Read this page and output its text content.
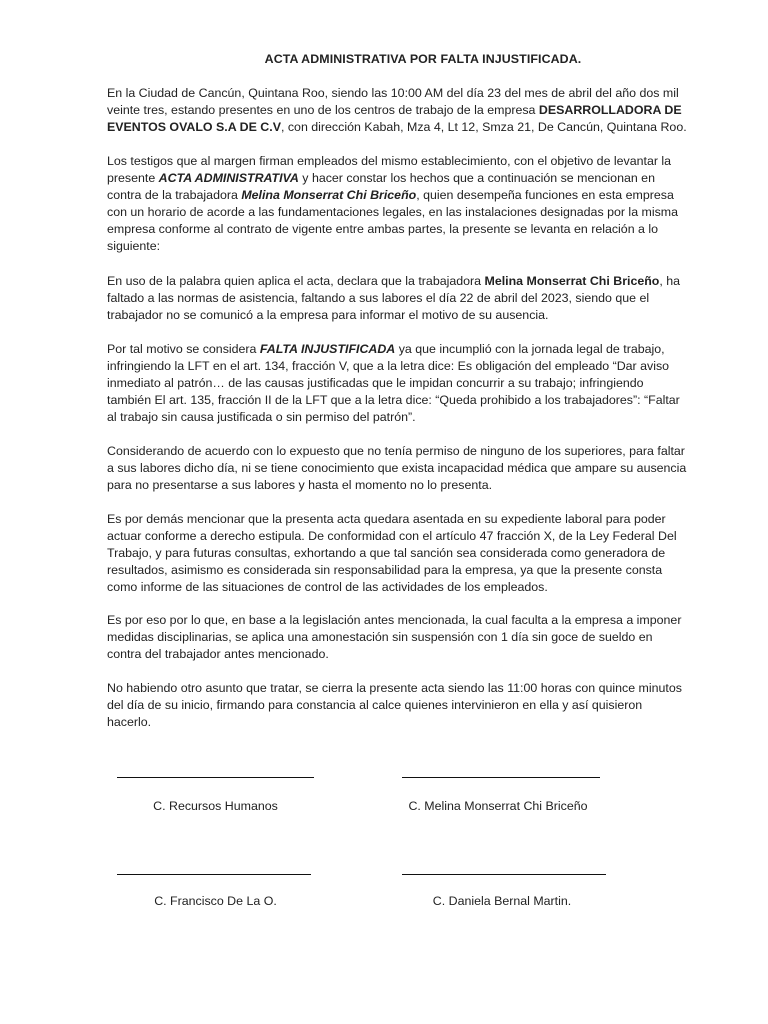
ACTA ADMINISTRATIVA POR FALTA INJUSTIFICADA.

En la Ciudad de Cancún, Quintana Roo, siendo las 10:00 AM del día 23 del mes de abril del año dos mil veinte tres, estando presentes en uno de los centros de trabajo de la empresa DESARROLLADORA DE EVENTOS OVALO S.A DE C.V, con dirección Kabah, Mza 4, Lt 12, Smza 21, De Cancún, Quintana Roo.

Los testigos que al margen firman empleados del mismo establecimiento, con el objetivo de levantar la presente ACTA ADMINISTRATIVA y hacer constar los hechos que a continuación se mencionan en contra de la trabajadora Melina Monserrat Chi Briceño, quien desempeña funciones en esta empresa con un horario de acorde a las fundamentaciones legales, en las instalaciones designadas por la misma empresa conforme al contrato de vigente entre ambas partes, la presente se levanta en relación a lo siguiente:

En uso de la palabra quien aplica el acta, declara que la trabajadora Melina Monserrat Chi Briceño, ha faltado a las normas de asistencia, faltando a sus labores el día 22 de abril del 2023, siendo que el trabajador no se comunicó a la empresa para informar el motivo de su ausencia.

Por tal motivo se considera FALTA INJUSTIFICADA ya que incumplió con la jornada legal de trabajo, infringiendo la LFT en el art. 134, fracción V, que a la letra dice: Es obligación del empleado “Dar aviso inmediato al patrón… de las causas justificadas que le impidan concurrir a su trabajo; infringiendo también El art. 135, fracción II de la LFT que a la letra dice: “Queda prohibido a los trabajadores”: “Faltar al trabajo sin causa justificada o sin permiso del patrón”.

Considerando de acuerdo con lo expuesto que no tenía permiso de ninguno de los superiores, para faltar a sus labores dicho día, ni se tiene conocimiento que exista incapacidad médica que ampare su ausencia para no presentarse a sus labores y hasta el momento no lo presenta.

Es por demás mencionar que la presenta acta quedara asentada en su expediente laboral para poder actuar conforme a derecho estipula. De conformidad con el artículo 47 fracción X, de la Ley Federal Del Trabajo, y para futuras consultas, exhortando a que tal sanción sea considerada como generadora de resultados, asimismo es considerada sin responsabilidad para la empresa, ya que la presente consta como informe de las situaciones de control de las actividades de los empleados.

Es por eso por lo que, en base a la legislación antes mencionada, la cual faculta a la empresa a imponer medidas disciplinarias, se aplica una amonestación sin suspensión con 1 día sin goce de sueldo en contra del trabajador antes mencionado.

No habiendo otro asunto que tratar, se cierra la presente acta siendo las 11:00 horas con quince minutos del día de su inicio, firmando para constancia al calce quienes intervinieron en ella y así quisieron hacerlo.

C. Recursos Humanos	C. Melina Monserrat Chi Briceño
C. Francisco De La O.	C. Daniela Bernal Martin.
